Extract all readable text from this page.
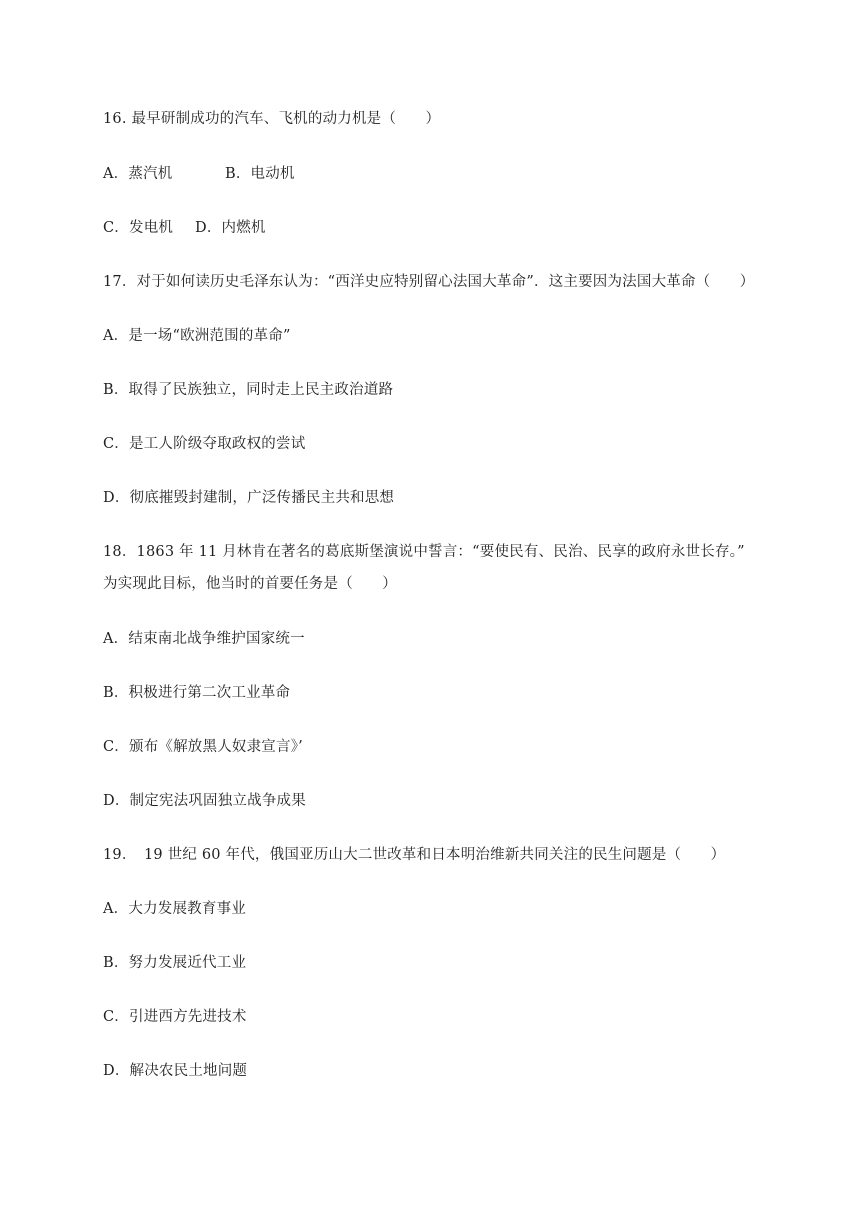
16. 最早研制成功的汽车、飞机的动力机是（　　）
A．蒸汽机	B．电动机
C．发电机 D．内燃机
17．对于如何读历史毛泽东认为：“西洋史应特别留心法国大革命”．这主要因为法国大革命（　　）
A．是一场“欧洲范围的革命”
B．取得了民族独立，同时走上民主政治道路
C．是工人阶级夺取政权的尝试
D．彻底摧毁封建制，广泛传播民主共和思想
18．1863 年 11 月林肯在著名的葛底斯堡演说中誓言：“要使民有、民治、民享的政府永世长存。”
为实现此目标，他当时的首要任务是（　　）
A．结束南北战争维护国家统一
B．积极进行第二次工业革命
C．颁布《解放黑人奴隶宣言》’
D．制定宪法巩固独立战争成果
19．　19 世纪 60 年代，俄国亚历山大二世改革和日本明治维新共同关注的民生问题是（　　）
A．大力发展教育事业
B．努力发展近代工业
C．引进西方先进技术
D．解决农民土地问题
